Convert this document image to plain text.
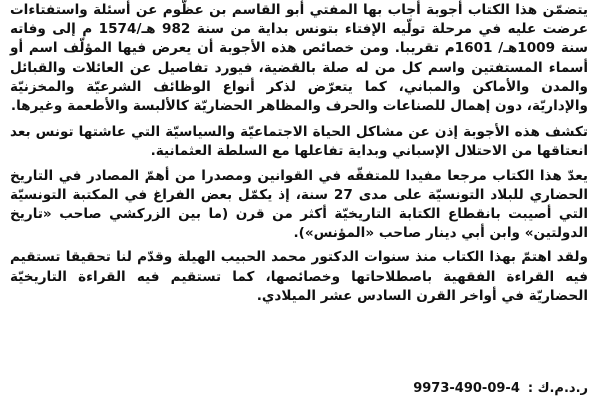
يتضمّن هذا الكتاب أجوبة أجاب بها المفتي أبو القاسم بن عظُّوم عن أسئلة واستفتاءات عرضت عليه في مرحلة تولّيه الإفتاء بتونس بداية من سنة 982 هـ/1574 م إلى وفاته سنة 1009هـ/ 1601م تقريبا. ومن خصائص هذه الأجوبة أن يعرض فيها المؤلّف اسم أو أسماء المستفتين واسم كل من له صلة بالقضية، فيورد تفاصيل عن العائلات والقبائل والمدن والأماكن والمباني، كما يتعرّض لذكر أنواع الوظائف الشرعيّة والمخزنيّة والإداريّة، دون إهمال للصناعات والحرف والمظاهر الحضاريّة كالألبسة والأطعمة وغيرها.

تكشف هذه الأجوبة إذن عن مشاكل الحياة الاجتماعيّة والسياسيّة التي عاشتها تونس بعد انعتاقها من الاحتلال الإسباني وبداية تفاعلها مع السلطة العثمانية.

يعدّ هذا الكتاب مرجعا مفيدا للمتفقّه في القوانين ومصدرا من أهمّ المصادر في التاريخ الحضاري للبلاد التونسيّة على مدى 27 سنة، إذ يكمّل بعض الفراغ في المكتبة التونسيّة التي أصيبت بانقطاع الكتابة التاريخيّة أكثر من قرن (ما بين الزركشي صاحب «تاريخ الدولتين» وابن أبي دينار صاحب «المؤنس»).

ولقد اهتمّ بهذا الكتاب منذ سنوات الدكتور محمد الحبيب الهيلة وقدّم لنا تحقيقا تستقيم فيه القراءة الفقهية باصطلاحاتها وخصائصها، كما تستقيم فيه القراءة التاريخيّة الحضاريّة في أواخر القرن السادس عشر الميلادي.

ر.د.م.ك :
9973-490-09-4
